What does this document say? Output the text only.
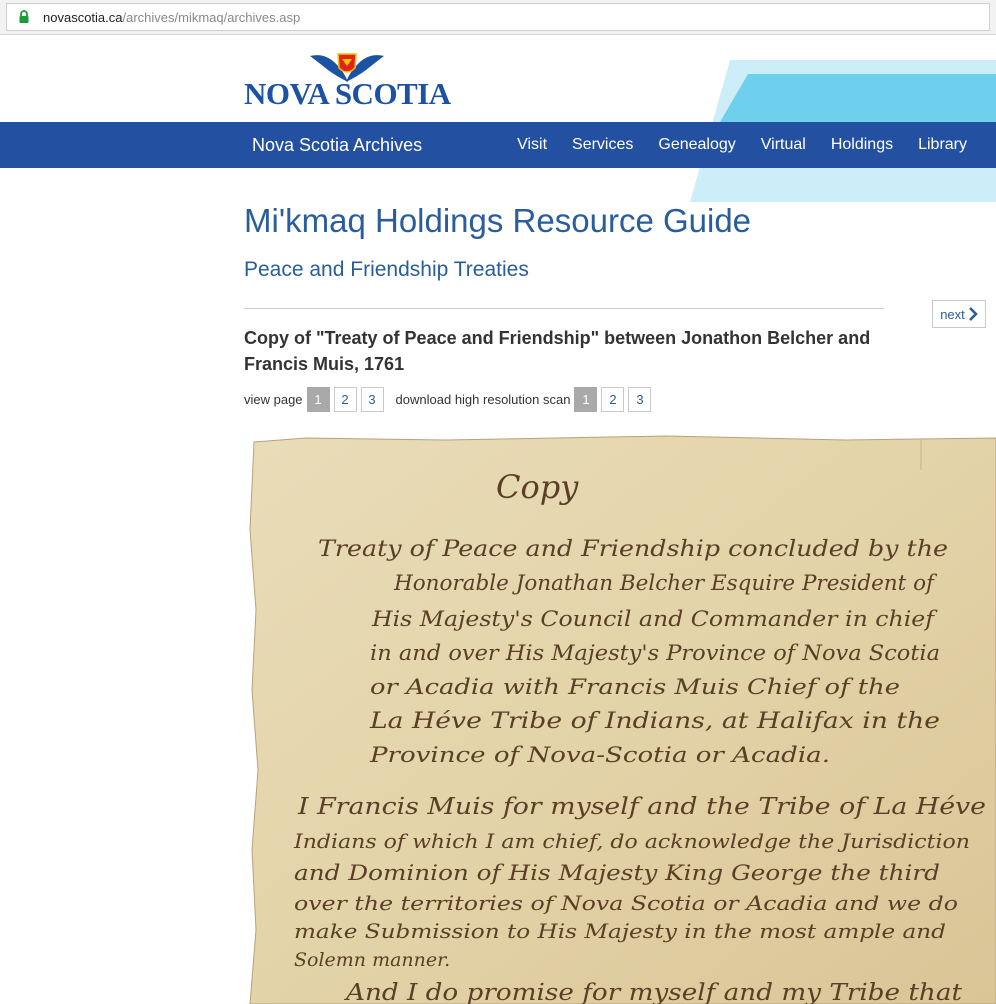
novascotia.ca/archives/mikmaq/archives.asp
NOVA SCOTIA
Nova Scotia Archives	Visit Services Genealogy Virtual Holdings Library
Mi'kmaq Holdings Resource Guide
Peace and Friendship Treaties
next
Copy of "Treaty of Peace and Friendship" between Jonathon Belcher and Francis Muis, 1761
view page 1	2	3	download high resolution scan 1	2	3
Copy
Treaty of Peace and Friendship concluded by the
Honorable Jonathan Belcher Esquire President of
His Majesty's Council and Commander in chief
in and over His Majesty's Province of Nova Scotia
or Acadia with Francis Muis Chief of the
La Héve Tribe of Indians, at Halifax in the
Province of Nova-Scotia or Acadia.
I Francis Muis for myself and the Tribe of La Héve
Indians of which I am chief, do acknowledge the Jurisdiction
and Dominion of His Majesty King George the third
over the territories of Nova Scotia or Acadia and we do
make Submission to His Majesty in the most ample and
Solemn manner.
And I do promise for myself and my Tribe that
